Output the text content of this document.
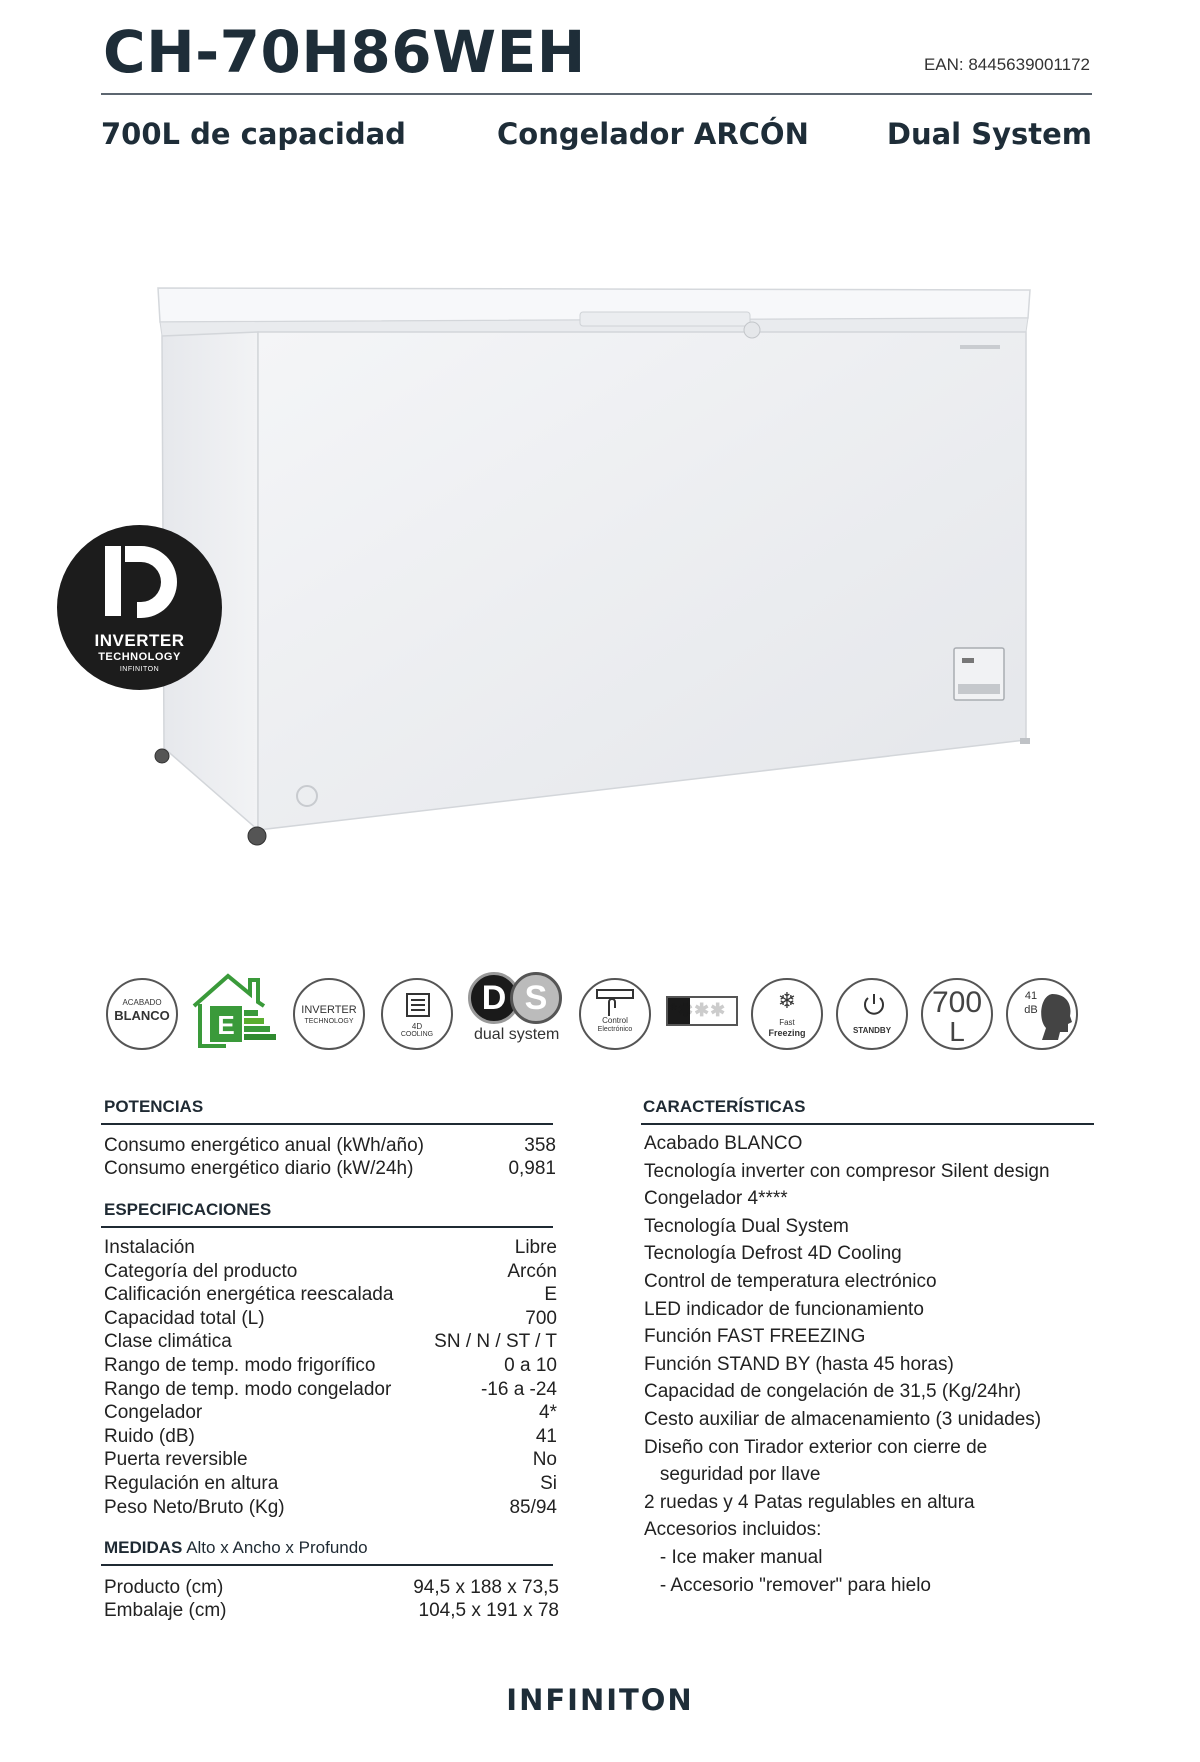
CH-70H86WEH	EAN: 8445639001172
700L de capacidad	Congelador ARCÓN	Dual System
INVERTER
TECHNOLOGY
INFINITON
ACABADO
BLANCO E	INVERTER
TECHNOLOGY
4D
COOLING
D S
dual system
Control
Electrónico
*✱✱✱	❄
Fast
Freezing	STANDBY
700
L
41
dB
POTENCIAS
Consumo energético anual (kWh/año)	358
Consumo energético diario (kW/24h)	0,981
ESPECIFICACIONES
Instalación	Libre
Categoría del producto	Arcón
Calificación energética reescalada	E
Capacidad total (L)	700
Clase climática	SN / N / ST / T
Rango de temp. modo frigorífico	0 a 10
Rango de temp. modo congelador	-16 a -24
Congelador	4*
Ruido (dB)	41
Puerta reversible	No
Regulación en altura	Si
Peso Neto/Bruto (Kg)	85/94
MEDIDAS Alto x Ancho x Profundo
Producto (cm)	94,5 x 188 x 73,5
Embalaje (cm)	104,5 x 191 x 78
CARACTERÍSTICAS
Acabado BLANCO
Tecnología inverter con compresor Silent design
Congelador 4****
Tecnología Dual System
Tecnología Defrost 4D Cooling
Control de temperatura electrónico
LED indicador de funcionamiento
Función FAST FREEZING
Función STAND BY (hasta 45 horas)
Capacidad de congelación de 31,5 (Kg/24hr)
Cesto auxiliar de almacenamiento (3 unidades)
Diseño con Tirador exterior con cierre de
seguridad por llave
2 ruedas y 4 Patas regulables en altura
Accesorios incluidos:
- Ice maker manual
- Accesorio "remover" para hielo
INFINITON
